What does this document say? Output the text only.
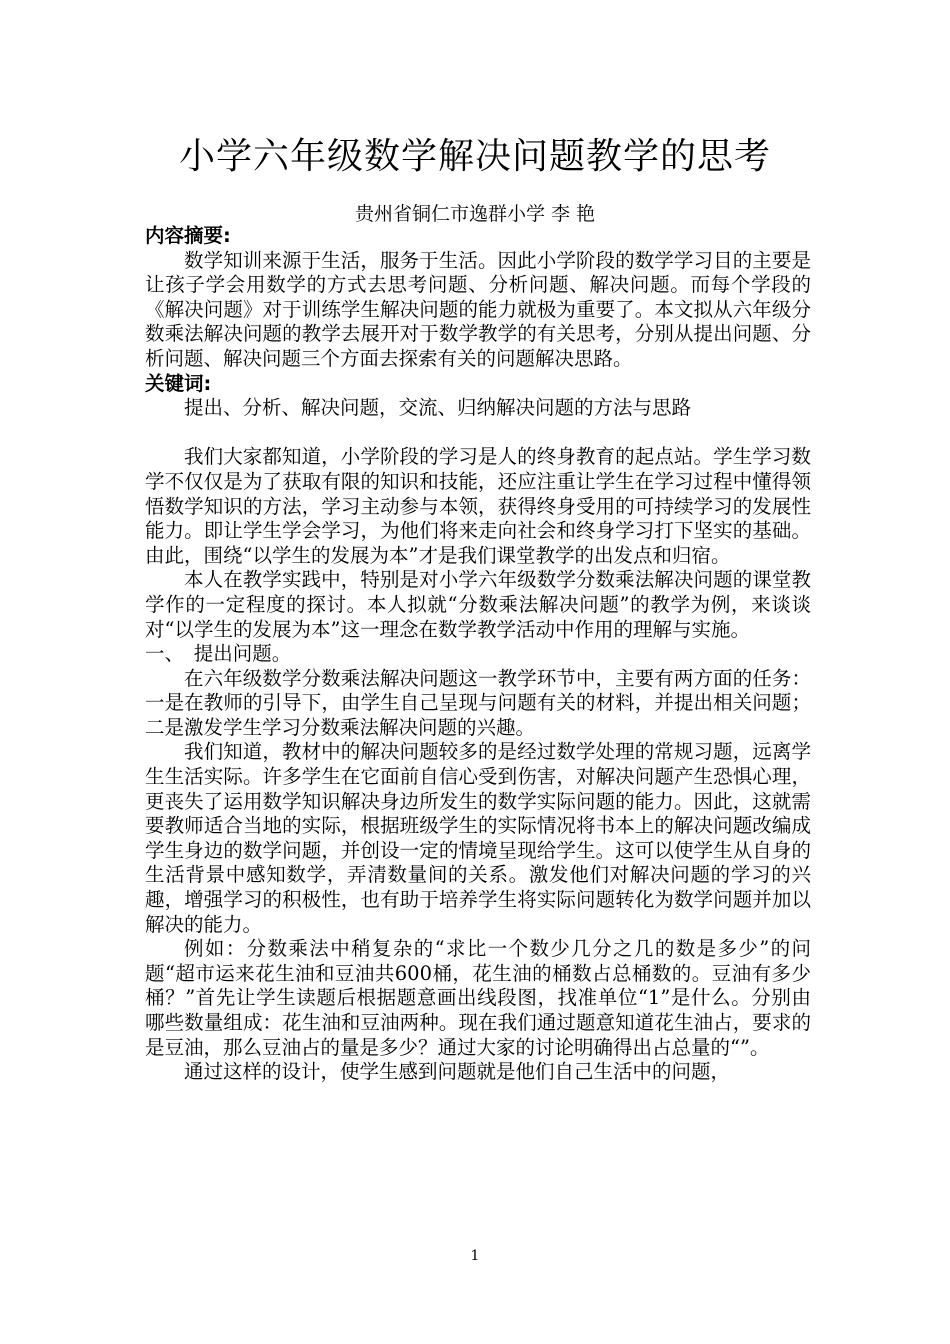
小学六年级数学解决问题教学的思考
贵州省铜仁市逸群小学 李 艳

内容摘要:

数学知训来源于生活，服务于生活。因此小学阶段的数学学习目的主要是让孩子学会用数学的方式去思考问题、分析问题、解决问题。而每个学段的《解决问题》对于训练学生解决问题的能力就极为重要了。本文拟从六年级分数乘法解决问题的教学去展开对于数学教学的有关思考，分别从提出问题、分析问题、解决问题三个方面去探索有关的问题解决思路。

关键词:

提出、分析、解决问题，交流、归纳解决问题的方法与思路

我们大家都知道，小学阶段的学习是人的终身教育的起点站。学生学习数学不仅仅是为了获取有限的知识和技能，还应注重让学生在学习过程中懂得领悟数学知识的方法，学习主动参与本领，获得终身受用的可持续学习的发展性能力。即让学生学会学习，为他们将来走向社会和终身学习打下坚实的基础。由此，围绕“以学生的发展为本”才是我们课堂教学的出发点和归宿。

本人在教学实践中，特别是对小学六年级数学分数乘法解决问题的课堂教学作的一定程度的探讨。本人拟就“分数乘法解决问题”的教学为例，来谈谈对“以学生的发展为本”这一理念在数学教学活动中作用的理解与实施。

一、　提出问题。

在六年级数学分数乘法解决问题这一教学环节中，主要有两方面的任务：一是在教师的引导下，由学生自己呈现与问题有关的材料，并提出相关问题；二是激发学生学习分数乘法解决问题的兴趣。

我们知道，教材中的解决问题较多的是经过数学处理的常规习题，远离学生生活实际。许多学生在它面前自信心受到伤害，对解决问题产生恐惧心理，更丧失了运用数学知识解决身边所发生的数学实际问题的能力。因此，这就需要教师适合当地的实际，根据班级学生的实际情况将书本上的解决问题改编成学生身边的数学问题，并创设一定的情境呈现给学生。这可以使学生从自身的生活背景中感知数学，弄清数量间的关系。激发他们对解决问题的学习的兴趣，增强学习的积极性，也有助于培养学生将实际问题转化为数学问题并加以解决的能力。

例如：分数乘法中稍复杂的“求比一个数少几分之几的数是多少”的问题“超市运来花生油和豆油共600桶，花生油的桶数占总桶数的。豆油有多少桶？”首先让学生读题后根据题意画出线段图，找准单位“1”是什么。分别由哪些数量组成：花生油和豆油两种。现在我们通过题意知道花生油占，要求的是豆油，那么豆油占的量是多少？通过大家的讨论明确得出占总量的“”。

通过这样的设计，使学生感到问题就是他们自己生活中的问题，

1
